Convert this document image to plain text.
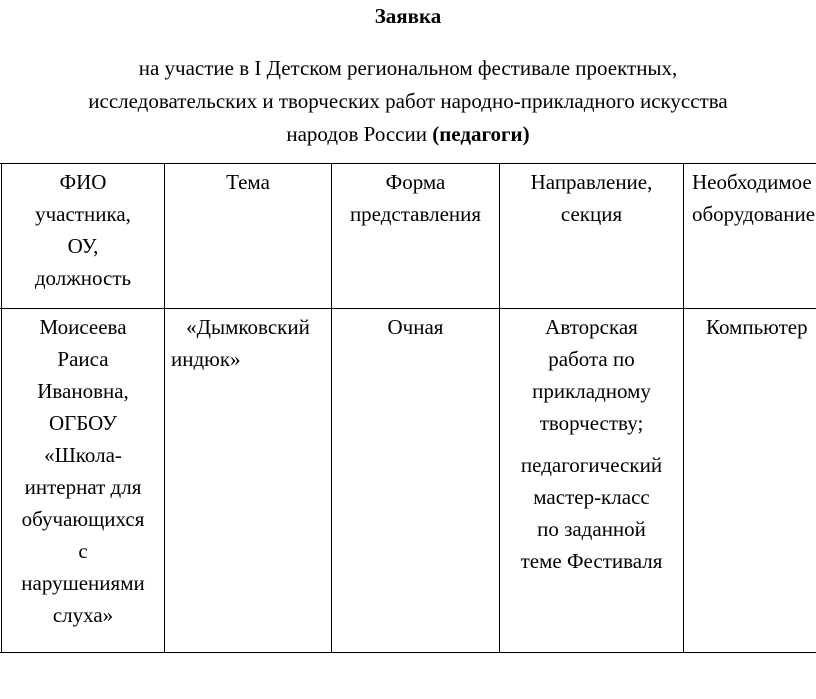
Заявка
на участие в I Детском региональном фестивале проектных,
исследовательских и творческих работ народно-прикладного искусства
народов России (педагоги)
ФИО
участника,
ОУ,
должность
Тема	Форма
представления
Направление,
секция
Необходимое
оборудование
Моисеева
Раиса
Ивановна,
ОГБОУ
«Школа-
интернат для
обучающихся
с
нарушениями
слуха»
«Дымковский
индюк»
Очная	Авторская
работа по
прикладному
творчеству;
педагогический
мастер-класс
по заданной
теме Фестиваля
Компьютер
